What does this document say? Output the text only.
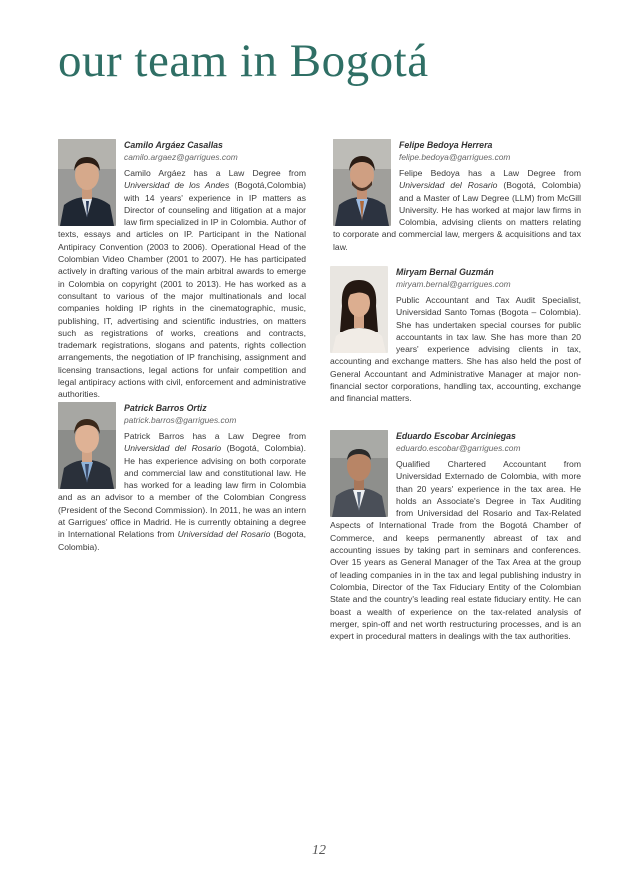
our team in Bogotá
Camilo Argáez Casallas
camilo.argaez@garrigues.com

Camilo Argáez has a Law Degree from Universidad de los Andes (Bogotá,Colombia) with 14 years' experience in IP matters as Director of counseling and litigation at a major law firm specialized in IP in Colombia. Author of texts, essays and articles on IP. Participant in the National Antipiracy Convention (2003 to 2006). Operational Head of the Colombian Video Chamber (2001 to 2007). He has participated actively in drafting various of the main arbitral awards to emerge in Colombia on copyright (2001 to 2013). He has worked as a consultant to various of the major multinationals and local companies holding IP rights in the cinematographic, music, publishing, IT, advertising and scientific industries, on matters such as registrations of works, creations and contracts, trademark registrations, slogans and patents, rights collection arrangements, the negotiation of IP franchising, assignment and licensing transactions, legal actions for unfair competition and legal antipiracy actions with civil, enforcement and administrative authorities.

Patrick Barros Ortiz
patrick.barros@garrigues.com

Patrick Barros has a Law Degree from Universidad del Rosario (Bogotá, Colombia). He has experience advising on both corporate and commercial law and constitutional law. He has worked for a leading law firm in Colombia and as an advisor to a member of the Colombian Congress (President of the Second Commission). In 2011, he was an intern at Garrigues' office in Madrid. He is currently obtaining a degree in International Relations from Universidad del Rosario (Bogota, Colombia).

Felipe Bedoya Herrera
felipe.bedoya@garrigues.com

Felipe Bedoya has a Law Degree from Universidad del Rosario (Bogotá, Colombia) and a Master of Law Degree (LLM) from McGill University. He has worked at major law firms in Colombia, advising clients on matters relating to corporate and commercial law, mergers & acquisitions and tax law.

Miryam Bernal Guzmán
miryam.bernal@garrigues.com

Public Accountant and Tax Audit Specialist, Universidad Santo Tomas (Bogota – Colombia). She has undertaken special courses for public accountants in tax law. She has more than 20 years' experience advising clients in tax, accounting and exchange matters. She has also held the post of General Accountant and Administrative Manager at major non-financial sector corporations, handling tax, accounting, exchange and financial matters.

Eduardo Escobar Arciniegas
eduardo.escobar@garrigues.com

Qualified Chartered Accountant from Universidad Externado de Colombia, with more than 20 years' experience in the tax area. He holds an Associate's Degree in Tax Auditing from Universidad del Rosario and Tax-Related Aspects of International Trade from the Bogotá Chamber of Commerce, and keeps permanently abreast of tax and accounting issues by taking part in seminars and conferences. Over 15 years as General Manager of the Tax Area at the group of leading companies in in the tax and legal publishing industry in Colombia, Director of the Tax Fiduciary Entity of the Colombian State and the country's leading real estate fiduciary entity. He can boast a wealth of experience on the tax-related analysis of merger, spin-off and net worth restructuring processes, and is an expert in procedural matters in dealings with the tax authorities.

12
